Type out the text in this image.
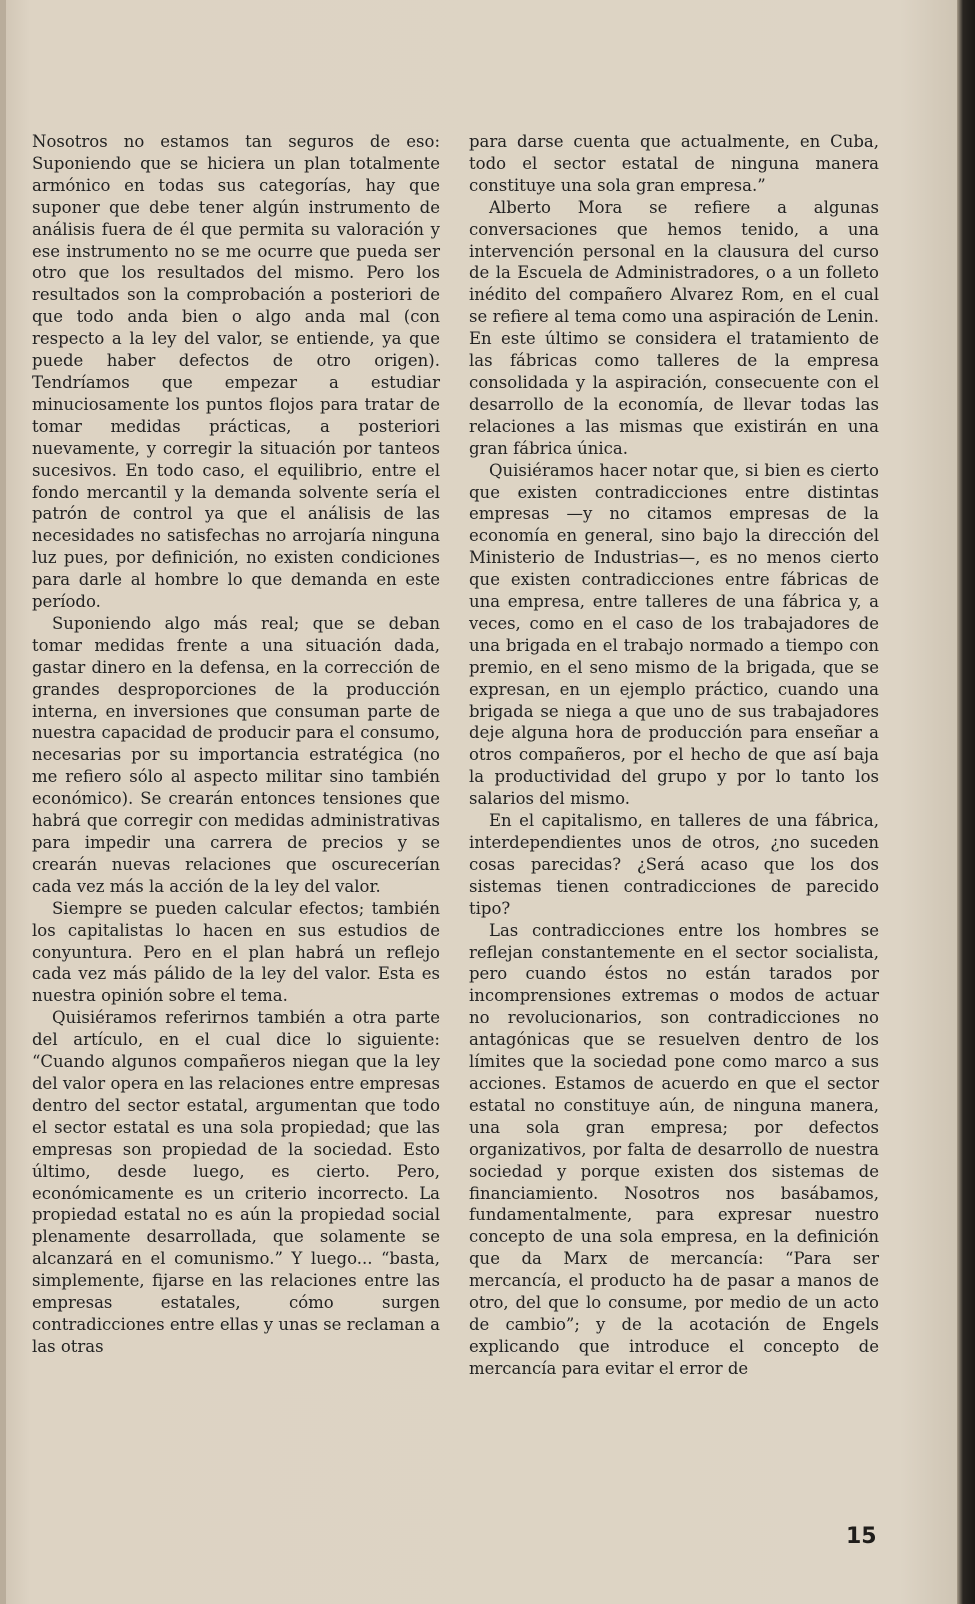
Nosotros no estamos tan seguros de eso: Suponiendo que se hiciera un plan totalmente armónico en todas sus categorías, hay que suponer que debe tener algún instrumento de análisis fuera de él que permita su valoración y ese instrumento no se me ocurre que pueda ser otro que los resultados del mismo. Pero los resultados son la comprobación a posteriori de que todo anda bien o algo anda mal (con respecto a la ley del valor, se entiende, ya que puede haber defectos de otro origen). Tendríamos que empezar a estudiar minuciosamente los puntos flojos para tratar de tomar medidas prácticas, a posteriori nuevamente, y corregir la situación por tanteos sucesivos. En todo caso, el equilibrio, entre el fondo mercantil y la demanda solvente sería el patrón de control ya que el análisis de las necesidades no satisfechas no arrojaría ninguna luz pues, por definición, no existen condiciones para darle al hombre lo que demanda en este período.

Suponiendo algo más real; que se deban tomar medidas frente a una situación dada, gastar dinero en la defensa, en la corrección de grandes desproporciones de la producción interna, en inversiones que consuman parte de nuestra capacidad de producir para el consumo, necesarias por su importancia estratégica (no me refiero sólo al aspecto militar sino también económico). Se crearán entonces tensiones que habrá que corregir con medidas administrativas para impedir una carrera de precios y se crearán nuevas relaciones que oscurecerían cada vez más la acción de la ley del valor.

Siempre se pueden calcular efectos; también los capitalistas lo hacen en sus estudios de conyuntura. Pero en el plan habrá un reflejo cada vez más pálido de la ley del valor. Esta es nuestra opinión sobre el tema.

Quisiéramos referirnos también a otra parte del artículo, en el cual dice lo siguiente: “Cuando algunos compañeros niegan que la ley del valor opera en las relaciones entre empresas dentro del sector estatal, argumentan que todo el sector estatal es una sola propiedad; que las empresas son propiedad de la sociedad. Esto último, desde luego, es cierto. Pero, económicamente es un criterio incorrecto. La propiedad estatal no es aún la propiedad social plenamente desarrollada, que solamente se alcanzará en el comunismo.” Y luego... “basta, simplemente, fijarse en las relaciones entre las empresas estatales, cómo surgen contradicciones entre ellas y unas se reclaman a las otras

para darse cuenta que actualmente, en Cuba, todo el sector estatal de ninguna manera constituye una sola gran empresa.”

Alberto Mora se refiere a algunas conversaciones que hemos tenido, a una intervención personal en la clausura del curso de la Escuela de Administradores, o a un folleto inédito del compañero Alvarez Rom, en el cual se refiere al tema como una aspiración de Lenin. En este último se considera el tratamiento de las fábricas como talleres de la empresa consolidada y la aspiración, consecuente con el desarrollo de la economía, de llevar todas las relaciones a las mismas que existirán en una gran fábrica única.

Quisiéramos hacer notar que, si bien es cierto que existen contradicciones entre distintas empresas —y no citamos empresas de la economía en general, sino bajo la dirección del Ministerio de Industrias—, es no menos cierto que existen contradicciones entre fábricas de una empresa, entre talleres de una fábrica y, a veces, como en el caso de los trabajadores de una brigada en el trabajo normado a tiempo con premio, en el seno mismo de la brigada, que se expresan, en un ejemplo práctico, cuando una brigada se niega a que uno de sus trabajadores deje alguna hora de producción para enseñar a otros compañeros, por el hecho de que así baja la productividad del grupo y por lo tanto los salarios del mismo.

En el capitalismo, en talleres de una fábrica, interdependientes unos de otros, ¿no suceden cosas parecidas? ¿Será acaso que los dos sistemas tienen contradicciones de parecido tipo?

Las contradicciones entre los hombres se reflejan constantemente en el sector socialista, pero cuando éstos no están tarados por incomprensiones extremas o modos de actuar no revolucionarios, son contradicciones no antagónicas que se resuelven dentro de los límites que la sociedad pone como marco a sus acciones. Estamos de acuerdo en que el sector estatal no constituye aún, de ninguna manera, una sola gran empresa; por defectos organizativos, por falta de desarrollo de nuestra sociedad y porque existen dos sistemas de financiamiento. Nosotros nos basábamos, fundamentalmente, para expresar nuestro concepto de una sola empresa, en la definición que da Marx de mercancía: “Para ser mercancía, el producto ha de pasar a manos de otro, del que lo consume, por medio de un acto de cambio”; y de la acotación de Engels explicando que introduce el concepto de mercancía para evitar el error de

15
